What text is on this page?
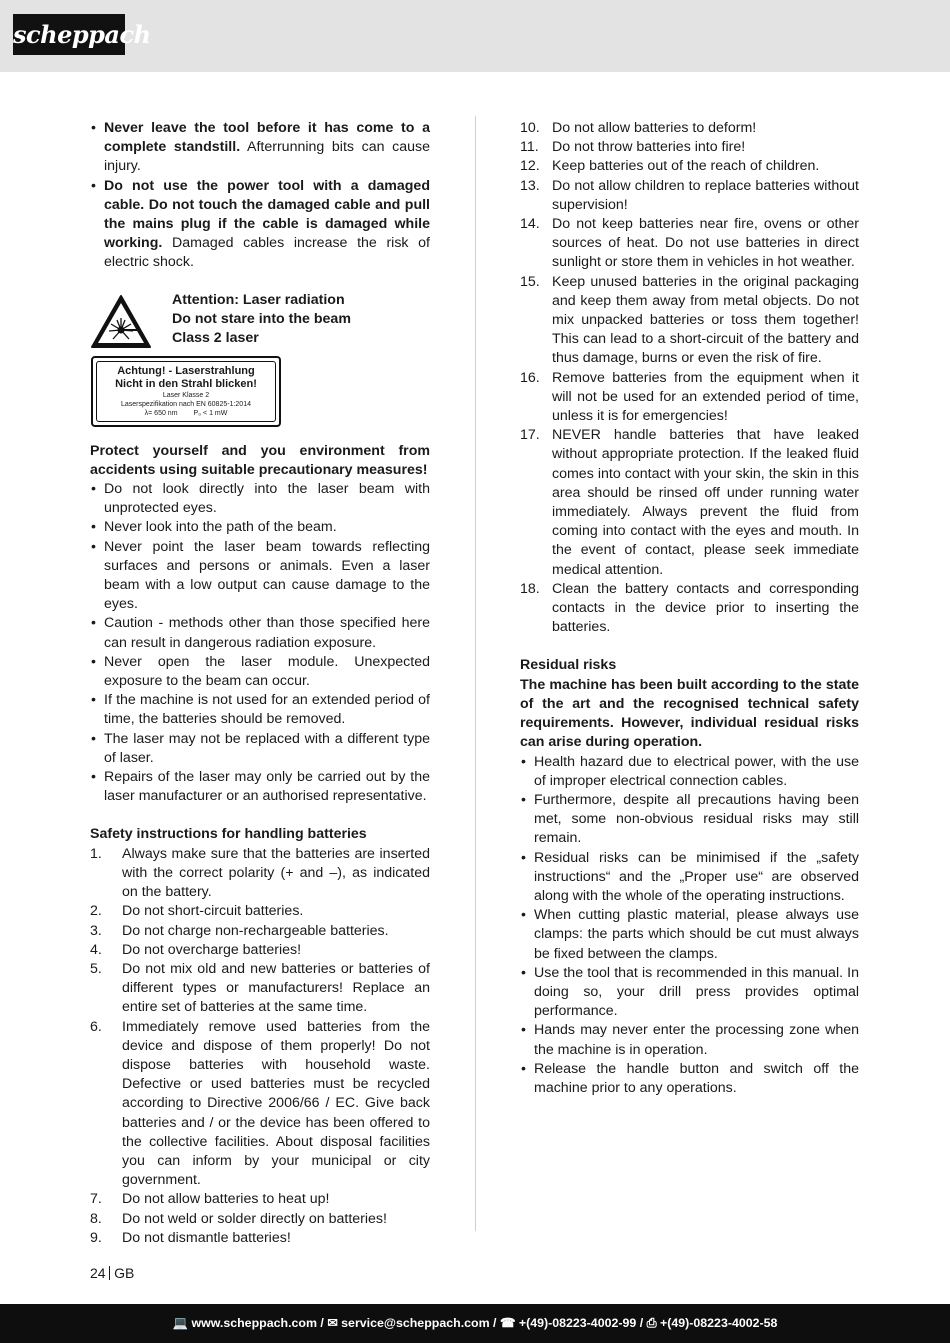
scheppach
• Never leave the tool before it has come to a complete standstill. Afterrunning bits can cause injury.
• Do not use the power tool with a damaged cable. Do not touch the damaged cable and pull the mains plug if the cable is damaged while working. Damaged cables increase the risk of electric shock.
Attention: Laser radiation
Do not stare into the beam
Class 2 laser
Achtung! - Laserstrahlung
Nicht in den Strahl blicken!
Laser Klasse 2
Laserspezifikation nach EN 60825-1:2014
λ= 650 nm P₀ < 1 mW
Protect yourself and you environment from accidents using suitable precautionary measures!
• Do not look directly into the laser beam with unprotected eyes.
• Never look into the path of the beam.
• Never point the laser beam towards reflecting surfaces and persons or animals. Even a laser beam with a low output can cause damage to the eyes.
• Caution - methods other than those specified here can result in dangerous radiation exposure.
• Never open the laser module. Unexpected exposure to the beam can occur.
• If the machine is not used for an extended period of time, the batteries should be removed.
• The laser may not be replaced with a different type of laser.
• Repairs of the laser may only be carried out by the laser manufacturer or an authorised representative.
Safety instructions for handling batteries
1. Always make sure that the batteries are inserted with the correct polarity (+ and –), as indicated on the battery.
2. Do not short-circuit batteries.
3. Do not charge non-rechargeable batteries.
4. Do not overcharge batteries!
5. Do not mix old and new batteries or batteries of different types or manufacturers! Replace an entire set of batteries at the same time.
6. Immediately remove used batteries from the device and dispose of them properly! Do not dispose batteries with household waste. Defective or used batteries must be recycled according to Directive 2006/66 / EC. Give back batteries and / or the device has been offered to the collective facilities. About disposal facilities you can inform by your municipal or city government.
7. Do not allow batteries to heat up!
8. Do not weld or solder directly on batteries!
9. Do not dismantle batteries!
10. Do not allow batteries to deform!
11. Do not throw batteries into fire!
12. Keep batteries out of the reach of children.
13. Do not allow children to replace batteries without supervision!
14. Do not keep batteries near fire, ovens or other sources of heat. Do not use batteries in direct sunlight or store them in vehicles in hot weather.
15. Keep unused batteries in the original packaging and keep them away from metal objects. Do not mix unpacked batteries or toss them together! This can lead to a short-circuit of the battery and thus damage, burns or even the risk of fire.
16. Remove batteries from the equipment when it will not be used for an extended period of time, unless it is for emergencies!
17. NEVER handle batteries that have leaked without appropriate protection. If the leaked fluid comes into contact with your skin, the skin in this area should be rinsed off under running water immediately. Always prevent the fluid from coming into contact with the eyes and mouth. In the event of contact, please seek immediate medical attention.
18. Clean the battery contacts and corresponding contacts in the device prior to inserting the batteries.
Residual risks
The machine has been built according to the state of the art and the recognised technical safety requirements. However, individual residual risks can arise during operation.
• Health hazard due to electrical power, with the use of improper electrical connection cables.
• Furthermore, despite all precautions having been met, some non-obvious residual risks may still remain.
• Residual risks can be minimised if the „safety instructions“ and the „Proper use“ are observed along with the whole of the operating instructions.
• When cutting plastic material, please always use clamps: the parts which should be cut must always be fixed between the clamps.
• Use the tool that is recommended in this manual. In doing so, your drill press provides optimal performance.
• Hands may never enter the processing zone when the machine is in operation.
• Release the handle button and switch off the machine prior to any operations.
24 GB
💻 www.scheppach.com / ✉ service@scheppach.com / ☎ +(49)-08223-4002-99 / ⎙ +(49)-08223-4002-58
